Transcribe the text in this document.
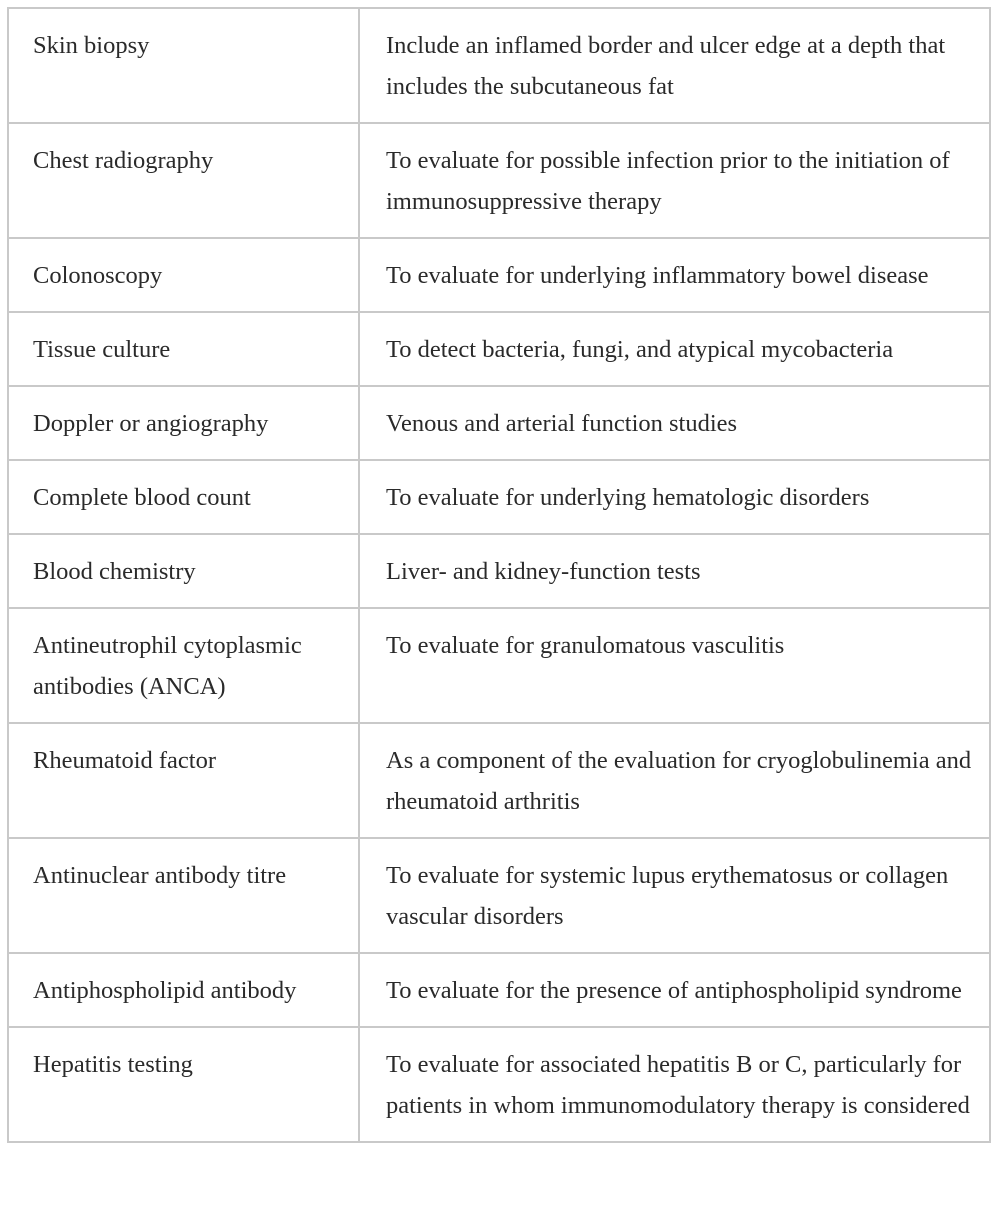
Skin biopsy	Include an inflamed border and ulcer edge at a depth that includes the subcutaneous fat
Chest radiography	To evaluate for possible infection prior to the initiation of immunosuppressive therapy
Colonoscopy	To evaluate for underlying inflammatory bowel disease
Tissue culture	To detect bacteria, fungi, and atypical mycobacteria
Doppler or angiography	Venous and arterial function studies
Complete blood count	To evaluate for underlying hematologic disorders
Blood chemistry	Liver- and kidney-function tests
Antineutrophil cytoplasmic antibodies (ANCA)	To evaluate for granulomatous vasculitis
Rheumatoid factor	As a component of the evaluation for cryoglobulinemia and rheumatoid arthritis
Antinuclear antibody titre	To evaluate for systemic lupus erythematosus or collagen vascular disorders
Antiphospholipid antibody	To evaluate for the presence of antiphospholipid syndrome
Hepatitis testing	To evaluate for associated hepatitis B or C, particularly for patients in whom immunomodulatory therapy is considered
